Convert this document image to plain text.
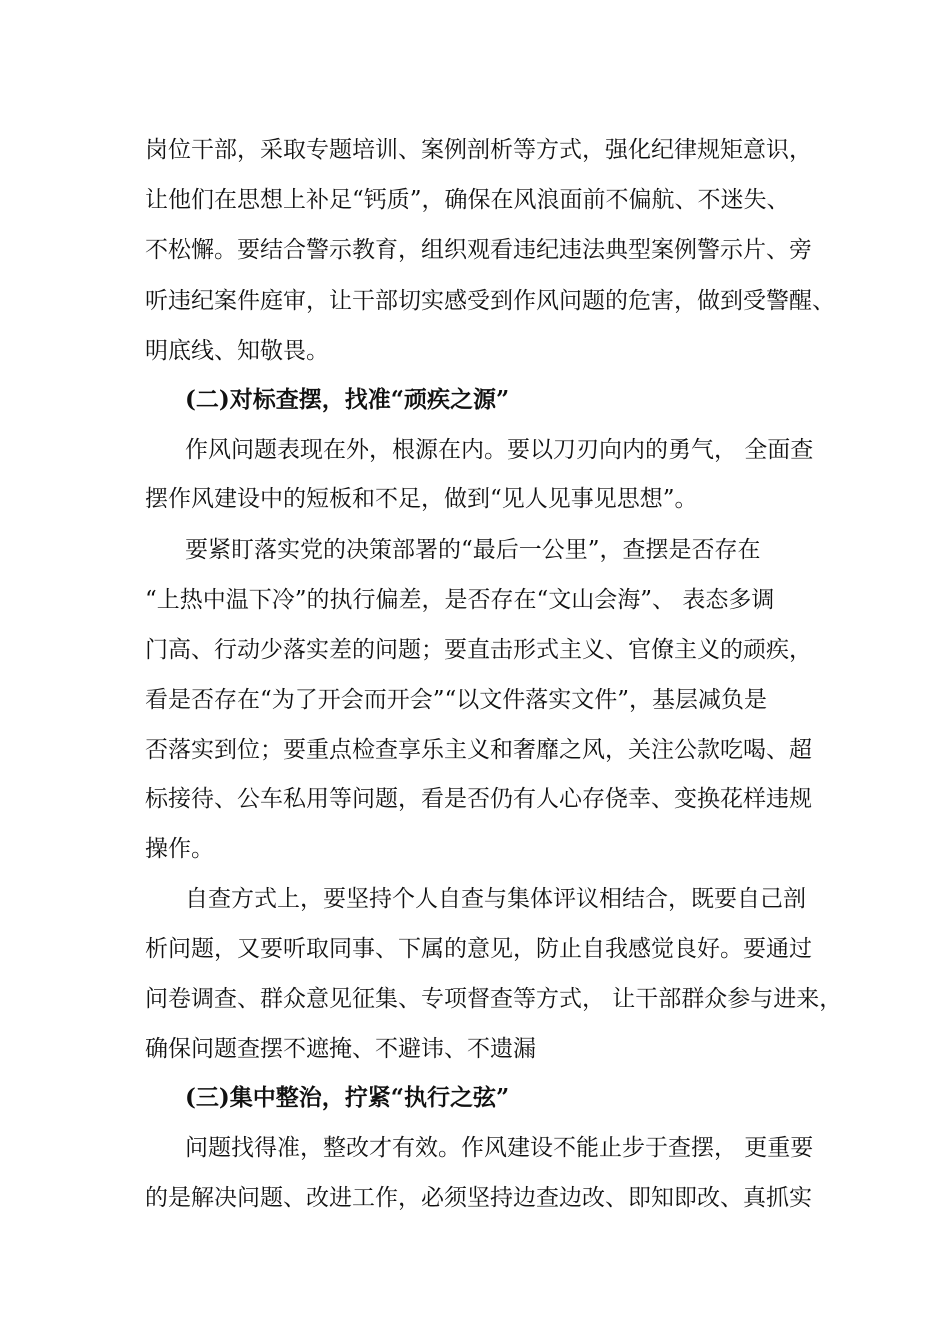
岗位干部，采取专题培训、案例剖析等方式，强化纪律规矩意识，
让他们在思想上补足“钙质”，确保在风浪面前不偏航、不迷失、
不松懈。要结合警示教育，组织观看违纪违法典型案例警示片、旁
听违纪案件庭审，让干部切实感受到作风问题的危害，做到受警醒、
明底线、知敬畏。
(二)对标查摆，找准“顽疾之源”
作风问题表现在外，根源在内。要以刀刃向内的勇气， 全面查
摆作风建设中的短板和不足，做到“见人见事见思想”。
要紧盯落实党的决策部署的“最后一公里”，查摆是否存在
“上热中温下冷”的执行偏差，是否存在“文山会海”、 表态多调
门高、行动少落实差的问题；要直击形式主义、官僚主义的顽疾，
看是否存在“为了开会而开会”“以文件落实文件”，基层减负是
否落实到位；要重点检查享乐主义和奢靡之风，关注公款吃喝、超
标接待、公车私用等问题，看是否仍有人心存侥幸、变换花样违规
操作。
自查方式上，要坚持个人自查与集体评议相结合，既要自己剖
析问题，又要听取同事、下属的意见，防止自我感觉良好。要通过
问卷调查、群众意见征集、专项督查等方式， 让干部群众参与进来，
确保问题查摆不遮掩、不避讳、不遗漏
(三)集中整治，拧紧“执行之弦”
问题找得准，整改才有效。作风建设不能止步于查摆， 更重要
的是解决问题、改进工作，必须坚持边查边改、即知即改、真抓实
